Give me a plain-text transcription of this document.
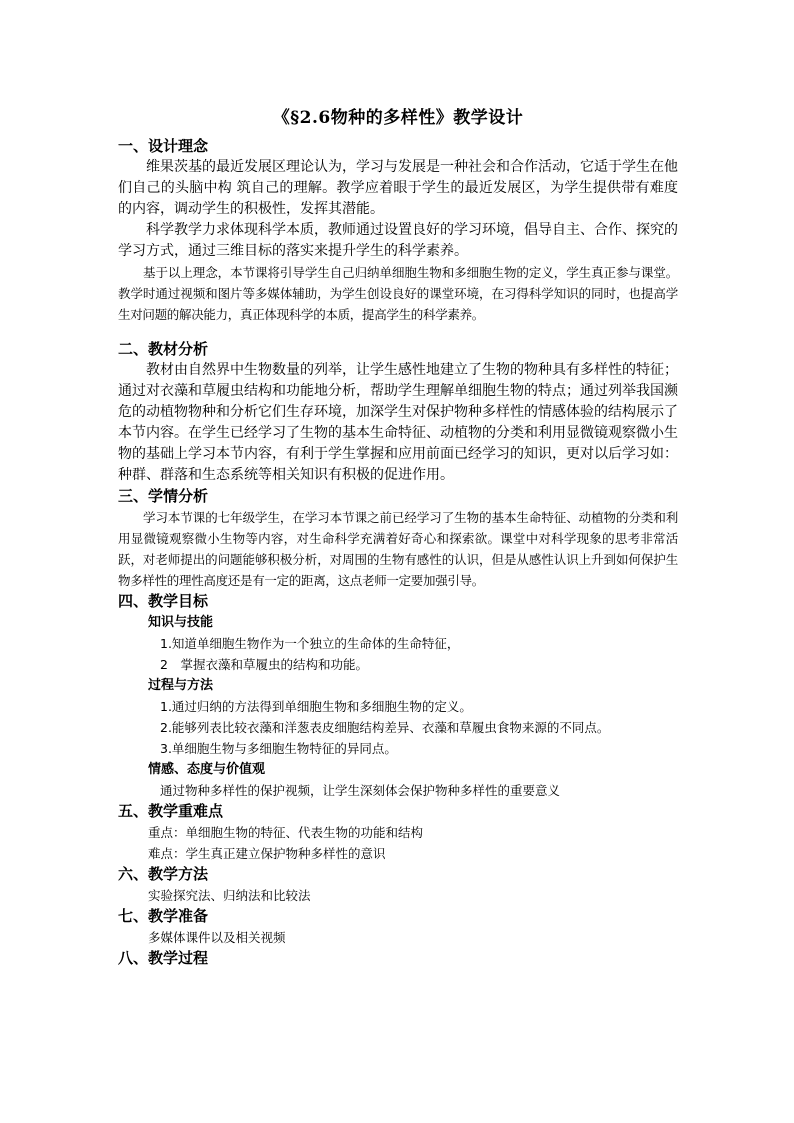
《§2.6物种的多样性》教学设计
一、设计理念

维果茨基的最近发展区理论认为，学习与发展是一种社会和合作活动，它适于学生在他们自己的头脑中构 筑自己的理解。教学应着眼于学生的最近发展区，为学生提供带有难度的内容，调动学生的积极性，发挥其潜能。

科学教学力求体现科学本质，教师通过设置良好的学习环境，倡导自主、合作、探究的学习方式，通过三维目标的落实来提升学生的科学素养。

基于以上理念，本节课将引导学生自己归纳单细胞生物和多细胞生物的定义，学生真正参与课堂。教学时通过视频和图片等多媒体辅助，为学生创设良好的课堂环境，在习得科学知识的同时，也提高学生对问题的解决能力，真正体现科学的本质，提高学生的科学素养。

二、教材分析

教材由自然界中生物数量的列举，让学生感性地建立了生物的物种具有多样性的特征；通过对衣藻和草履虫结构和功能地分析，帮助学生理解单细胞生物的特点；通过列举我国濒危的动植物物种和分析它们生存环境，加深学生对保护物种多样性的情感体验的结构展示了本节内容。在学生已经学习了生物的基本生命特征、动植物的分类和利用显微镜观察微小生物的基础上学习本节内容，有利于学生掌握和应用前面已经学习的知识，更对以后学习如：种群、群落和生态系统等相关知识有积极的促进作用。

三、学情分析

学习本节课的七年级学生，在学习本节课之前已经学习了生物的基本生命特征、动植物的分类和利用显微镜观察微小生物等内容，对生命科学充满着好奇心和探索欲。课堂中对科学现象的思考非常活跃，对老师提出的问题能够积极分析，对周围的生物有感性的认识，但是从感性认识上升到如何保护生物多样性的理性高度还是有一定的距离，这点老师一定要加强引导。

四、教学目标
知识与技能
1.知道单细胞生物作为一个独立的生命体的生命特征，
2　掌握衣藻和草履虫的结构和功能。
过程与方法
1.通过归纳的方法得到单细胞生物和多细胞生物的定义。
2.能够列表比较衣藻和洋葱表皮细胞结构差异、衣藻和草履虫食物来源的不同点。
3.单细胞生物与多细胞生物特征的异同点。
情感、态度与价值观
通过物种多样性的保护视频，让学生深刻体会保护物种多样性的重要意义
五、教学重难点
重点：单细胞生物的特征、代表生物的功能和结构
难点：学生真正建立保护物种多样性的意识
六、教学方法
实验探究法、归纳法和比较法
七、教学准备
多媒体课件以及相关视频
八、教学过程
